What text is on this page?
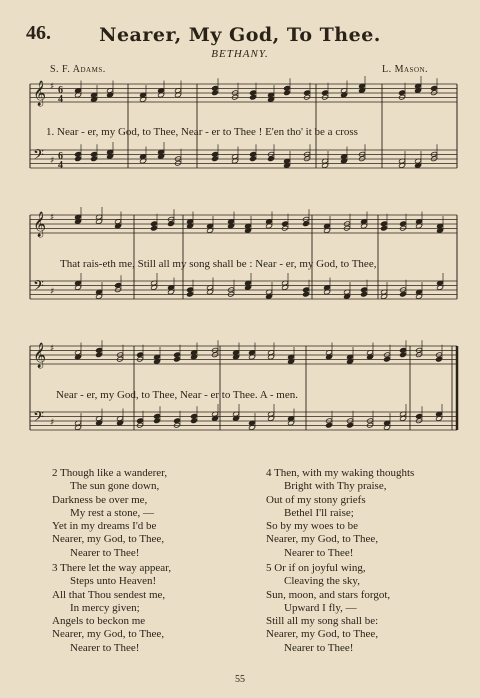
46.	Nearer, My God, To Thee.
BETHANY.
S. F. Adams.	L. Mason.
𝄞 ♯ 6
4
𝄢 ♯ 6
4
𝄞 ♯
𝄢 ♯
𝄞 ♯
𝄢 ♯
1. Near - er, my God, to Thee, Near - er to Thee ! E'en tho' it be a cross
That rais-eth me, Still all my song shall be : Near - er, my God, to Thee,
Near - er, my God, to Thee, Near - er to Thee. A - men.
2 Though like a wanderer,
The sun gone down,
Darkness be over me,
My rest a stone, —
Yet in my dreams I'd be
Nearer, my God, to Thee,
Nearer to Thee!
3 There let the way appear,
Steps unto Heaven!
All that Thou sendest me,
In mercy given;
Angels to beckon me
Nearer, my God, to Thee,
Nearer to Thee!
4 Then, with my waking thoughts
Bright with Thy praise,
Out of my stony griefs
Bethel I'll raise;
So by my woes to be
Nearer, my God, to Thee,
Nearer to Thee!
5 Or if on joyful wing,
Cleaving the sky,
Sun, moon, and stars forgot,
Upward I fly, —
Still all my song shall be:
Nearer, my God, to Thee,
Nearer to Thee!
55
